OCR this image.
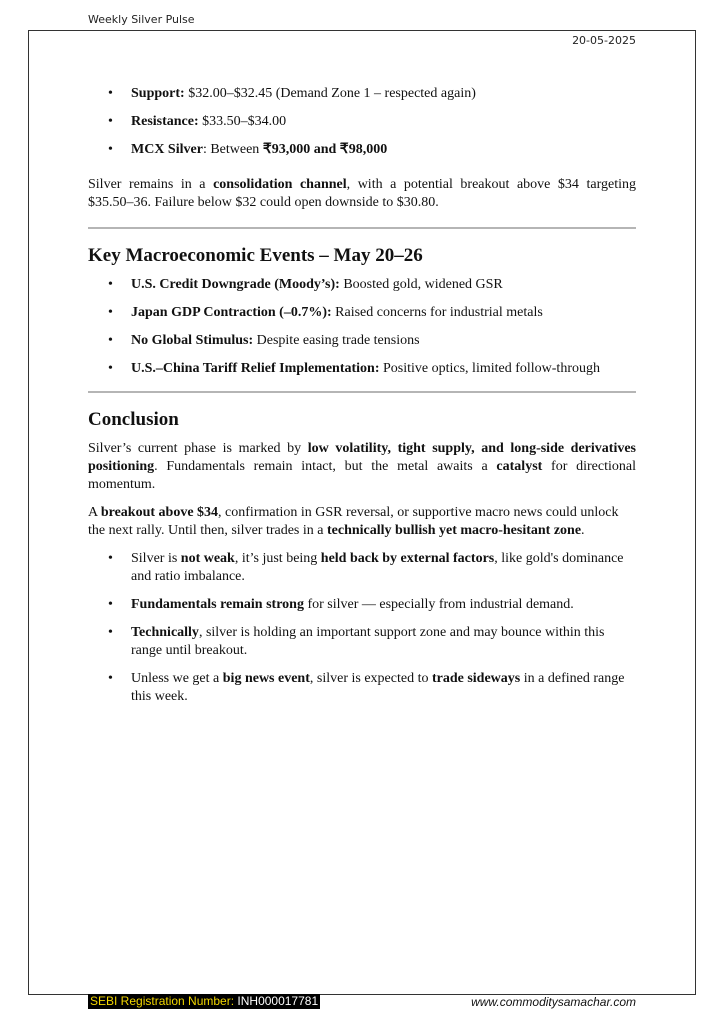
Weekly Silver Pulse
20-05-2025
• Support: $32.00–$32.45 (Demand Zone 1 – respected again)
• Resistance: $33.50–$34.00
• MCX Silver: Between ₹93,000 and ₹98,000

Silver remains in a consolidation channel, with a potential breakout above $34 targeting $35.50–36. Failure below $32 could open downside to $30.80.

Key Macroeconomic Events – May 20–26
• U.S. Credit Downgrade (Moody’s): Boosted gold, widened GSR
• Japan GDP Contraction (–0.7%): Raised concerns for industrial metals
• No Global Stimulus: Despite easing trade tensions
• U.S.–China Tariff Relief Implementation: Positive optics, limited follow-through
Conclusion

Silver’s current phase is marked by low volatility, tight supply, and long-side derivatives positioning. Fundamentals remain intact, but the metal awaits a catalyst for directional momentum.

A breakout above $34, confirmation in GSR reversal, or supportive macro news could unlock the next rally. Until then, silver trades in a technically bullish yet macro-hesitant zone.

• Silver is not weak, it’s just being held back by external factors, like gold's dominance and ratio imbalance.
• Fundamentals remain strong for silver — especially from industrial demand.
• Technically, silver is holding an important support zone and may bounce within this range until breakout.
• Unless we get a big news event, silver is expected to trade sideways in a defined range this week.
SEBI Registration Number: INH000017781	www.commoditysamachar.com
